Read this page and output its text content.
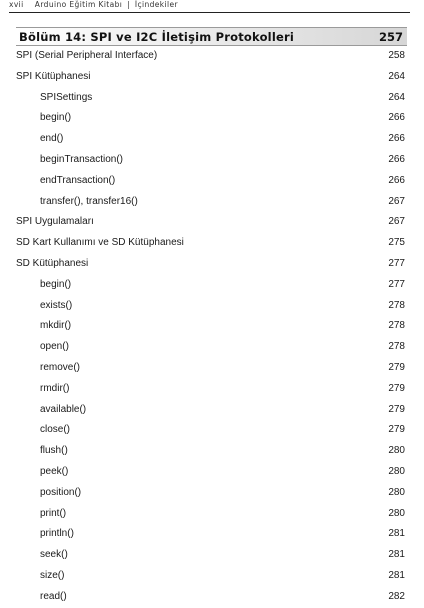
xvii Arduino Eğitim Kitabı | İçindekiler
Bölüm 14: SPI ve I2C İletişim Protokolleri	257
SPI (Serial Peripheral Interface)	258
SPI Kütüphanesi	264
SPISettings	264
begin()	266
end()	266
beginTransaction()	266
endTransaction()	266
transfer(), transfer16()	267
SPI Uygulamaları	267
SD Kart Kullanımı ve SD Kütüphanesi	275
SD Kütüphanesi	277
begin()	277
exists()	278
mkdir()	278
open()	278
remove()	279
rmdir()	279
available()	279
close()	279
flush()	280
peek()	280
position()	280
print()	280
println()	281
seek()	281
size()	281
read()	282
